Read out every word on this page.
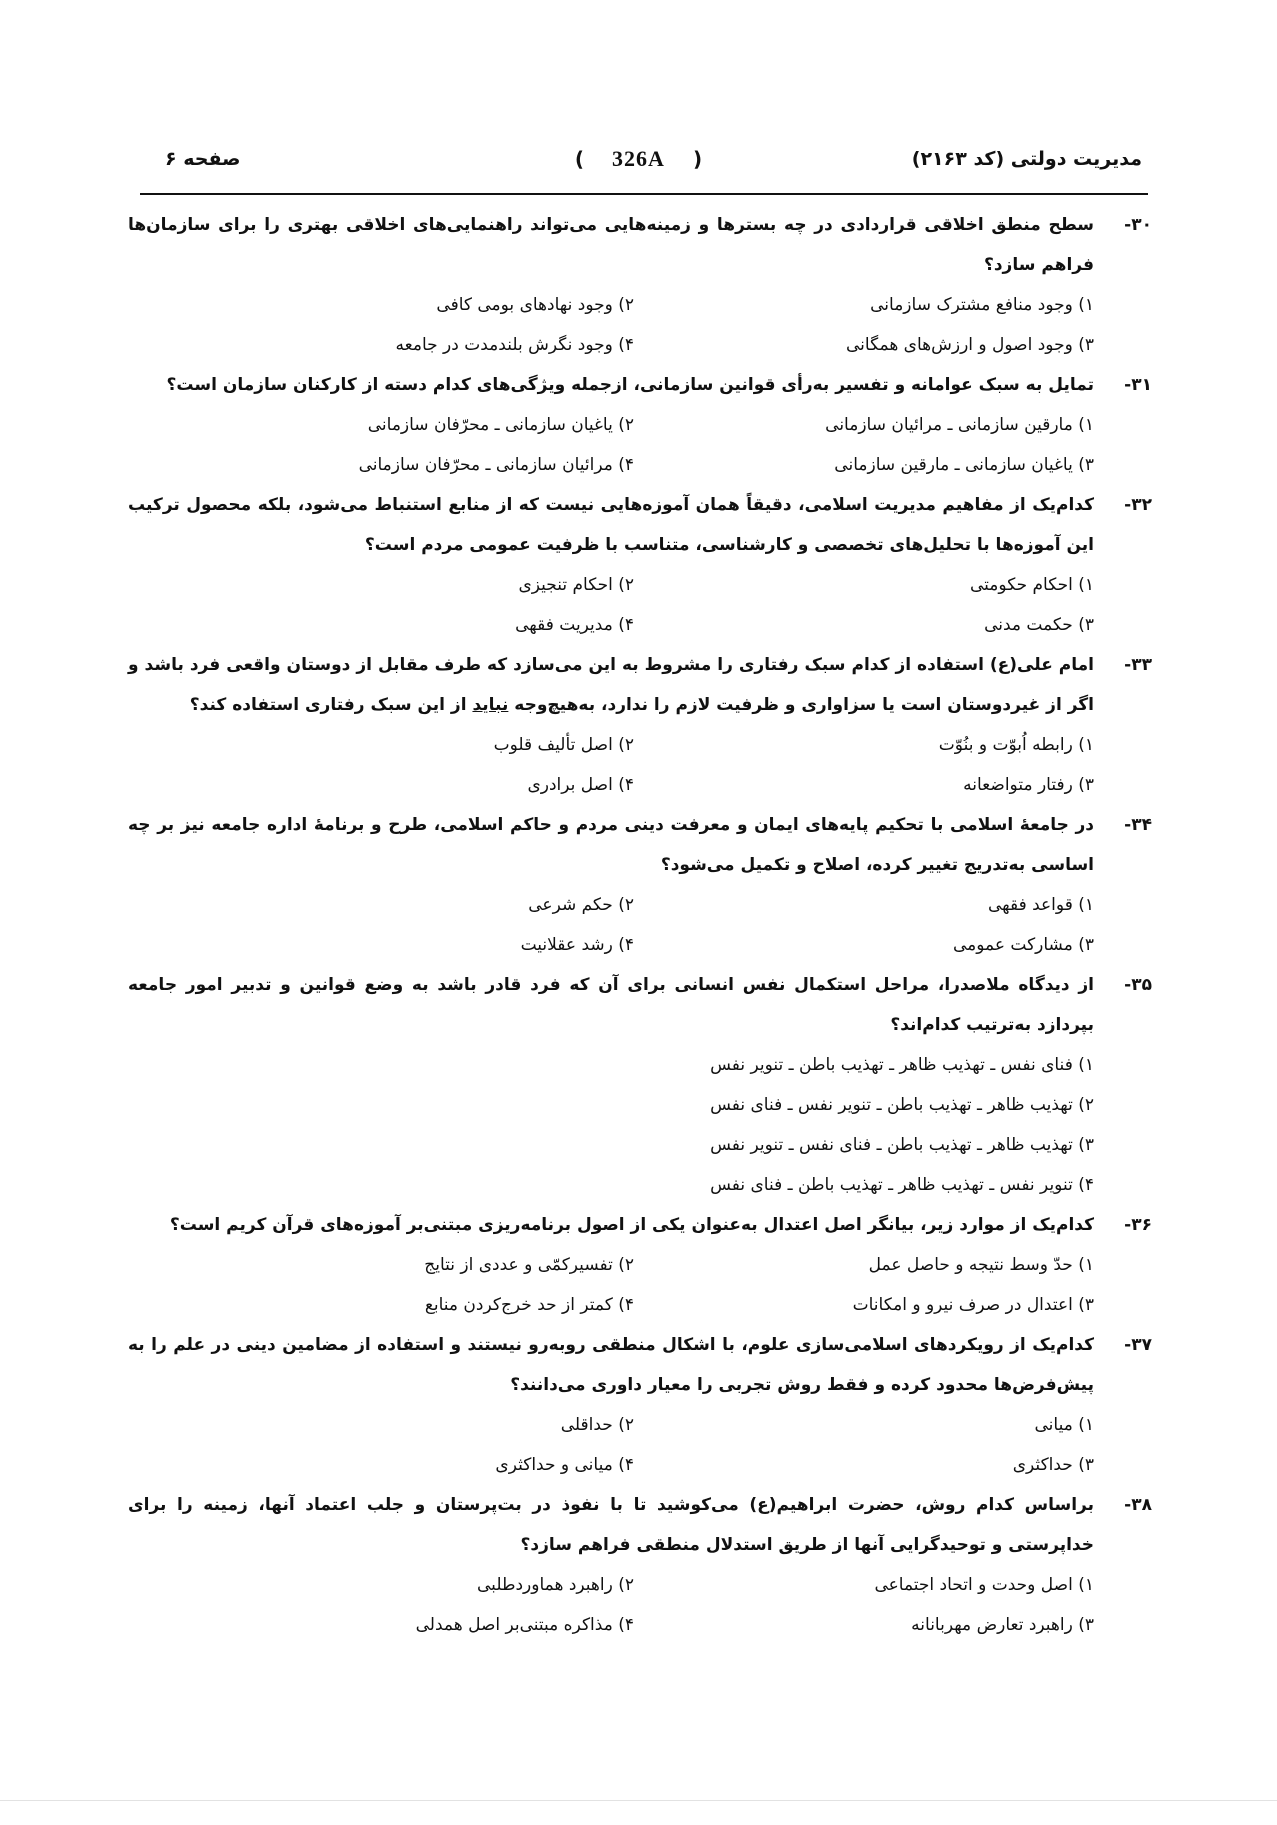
مدیریت دولتی (کد ۲۱۶۳)
( 326A )
صفحه ۶
۳۰-
سطح منطق اخلاقی قراردادی در چه بسترها و زمینه‌هایی می‌تواند راهنمایی‌های اخلاقی بهتری را برای سازمان‌ها فراهم سازد؟
۱) وجود منافع مشترک سازمانی
۲) وجود نهادهای بومی کافی
۳) وجود اصول و ارزش‌های همگانی
۴) وجود نگرش بلندمدت در جامعه
۳۱-
تمایل به سبک عوامانه و تفسیر به‌رأی قوانین سازمانی، ازجمله ویژگی‌های کدام دسته از کارکنان سازمان است؟
۱) مارقین سازمانی ـ مرائیان سازمانی
۲) یاغیان سازمانی ـ محرّفان سازمانی
۳) یاغیان سازمانی ـ مارقین سازمانی
۴) مرائیان سازمانی ـ محرّفان سازمانی
۳۲-
کدام‌یک از مفاهیم مدیریت اسلامی، دقیقاً همان آموزه‌هایی نیست که از منابع استنباط می‌شود، بلکه محصول ترکیب این آموزه‌ها با تحلیل‌های تخصصی و کارشناسی، متناسب با ظرفیت عمومی مردم است؟
۱) احکام حکومتی
۲) احکام تنجیزی
۳) حکمت مدنی
۴) مدیریت فقهی
۳۳-
امام علی(ع) استفاده از کدام سبک رفتاری را مشروط به این می‌سازد که طرف مقابل از دوستان واقعی فرد باشد و اگر از غیردوستان است یا سزاواری و ظرفیت لازم را ندارد، به‌هیچ‌وجه نباید از این سبک رفتاری استفاده کند؟
۱) رابطه اُبوّت و بنُوّت
۲) اصل تألیف قلوب
۳) رفتار متواضعانه
۴) اصل برادری
۳۴-
در جامعهٔ اسلامی با تحکیم پایه‌های ایمان و معرفت دینی مردم و حاکم اسلامی، طرح و برنامهٔ اداره جامعه نیز بر چه اساسی به‌تدریج تغییر کرده، اصلاح و تکمیل می‌شود؟
۱) قواعد فقهی
۲) حکم شرعی
۳) مشارکت عمومی
۴) رشد عقلانیت
۳۵-
از دیدگاه ملاصدرا، مراحل استکمال نفس انسانی برای آن که فرد قادر باشد به وضع قوانین و تدبیر امور جامعه بپردازد به‌ترتیب کدام‌اند؟
۱) فنای نفس ـ تهذیب ظاهر ـ تهذیب باطن ـ تنویر نفس
۲) تهذیب ظاهر ـ تهذیب باطن ـ تنویر نفس ـ فنای نفس
۳) تهذیب ظاهر ـ تهذیب باطن ـ فنای نفس ـ تنویر نفس
۴) تنویر نفس ـ تهذیب ظاهر ـ تهذیب باطن ـ فنای نفس
۳۶-
کدام‌یک از موارد زیر، بیانگر اصل اعتدال به‌عنوان یکی از اصول برنامه‌ریزی مبتنی‌بر آموزه‌های قرآن کریم است؟
۱) حدّ وسط نتیجه و حاصل عمل
۲) تفسیرکمّی و عددی از نتایج
۳) اعتدال در صرف نیرو و امکانات
۴) کمتر از حد خرج‌کردن منابع
۳۷-
کدام‌یک از رویکردهای اسلامی‌سازی علوم، با اشکال منطقی روبه‌رو نیستند و استفاده از مضامین دینی در علم را به پیش‌فرض‌ها محدود کرده و فقط روش تجربی را معیار داوری می‌دانند؟
۱) میانی
۲) حداقلی
۳) حداکثری
۴) میانی و حداکثری
۳۸-
براساس کدام روش، حضرت ابراهیم(ع) می‌کوشید تا با نفوذ در بت‌پرستان و جلب اعتماد آنها، زمینه را برای خداپرستی و توحیدگرایی آنها از طریق استدلال منطقی فراهم سازد؟
۱) اصل وحدت و اتحاد اجتماعی
۲) راهبرد هماوردطلبی
۳) راهبرد تعارض مهربانانه
۴) مذاکره مبتنی‌بر اصل همدلی
